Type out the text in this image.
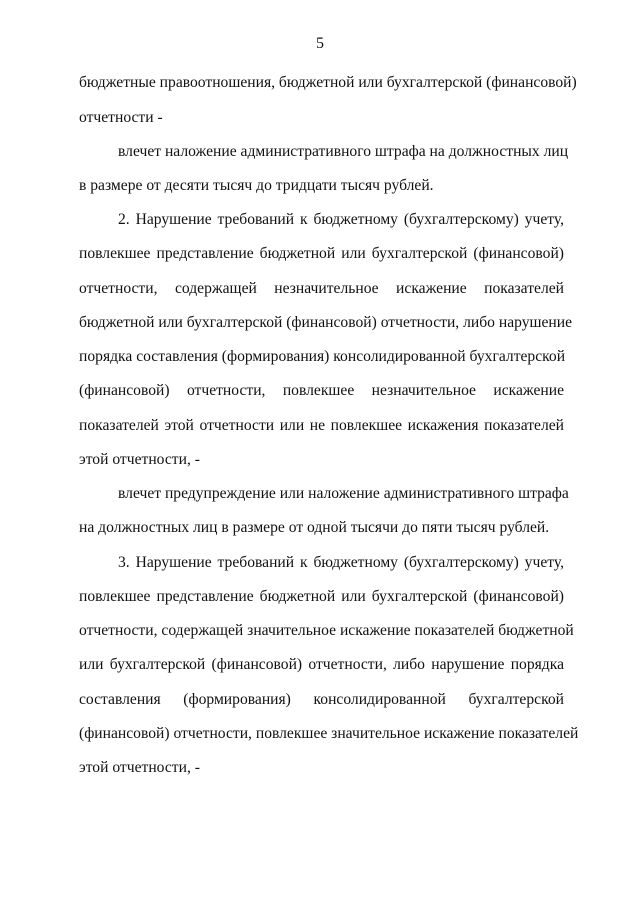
5
бюджетные правоотношения, бюджетной или бухгалтерской (финансовой)
отчетности -
влечет наложение административного штрафа на должностных лиц
в размере от десяти тысяч до тридцати тысяч рублей.
2. Нарушение требований к бюджетному (бухгалтерскому) учету,
повлекшее представление бюджетной или бухгалтерской (финансовой)
отчетности, содержащей незначительное искажение показателей
бюджетной или бухгалтерской (финансовой) отчетности, либо нарушение
порядка составления (формирования) консолидированной бухгалтерской
(финансовой) отчетности, повлекшее незначительное искажение
показателей этой отчетности или не повлекшее искажения показателей
этой отчетности, -
влечет предупреждение или наложение административного штрафа
на должностных лиц в размере от одной тысячи до пяти тысяч рублей.
3. Нарушение требований к бюджетному (бухгалтерскому) учету,
повлекшее представление бюджетной или бухгалтерской (финансовой)
отчетности, содержащей значительное искажение показателей бюджетной
или бухгалтерской (финансовой) отчетности, либо нарушение порядка
составления (формирования) консолидированной бухгалтерской
(финансовой) отчетности, повлекшее значительное искажение показателей
этой отчетности, -
